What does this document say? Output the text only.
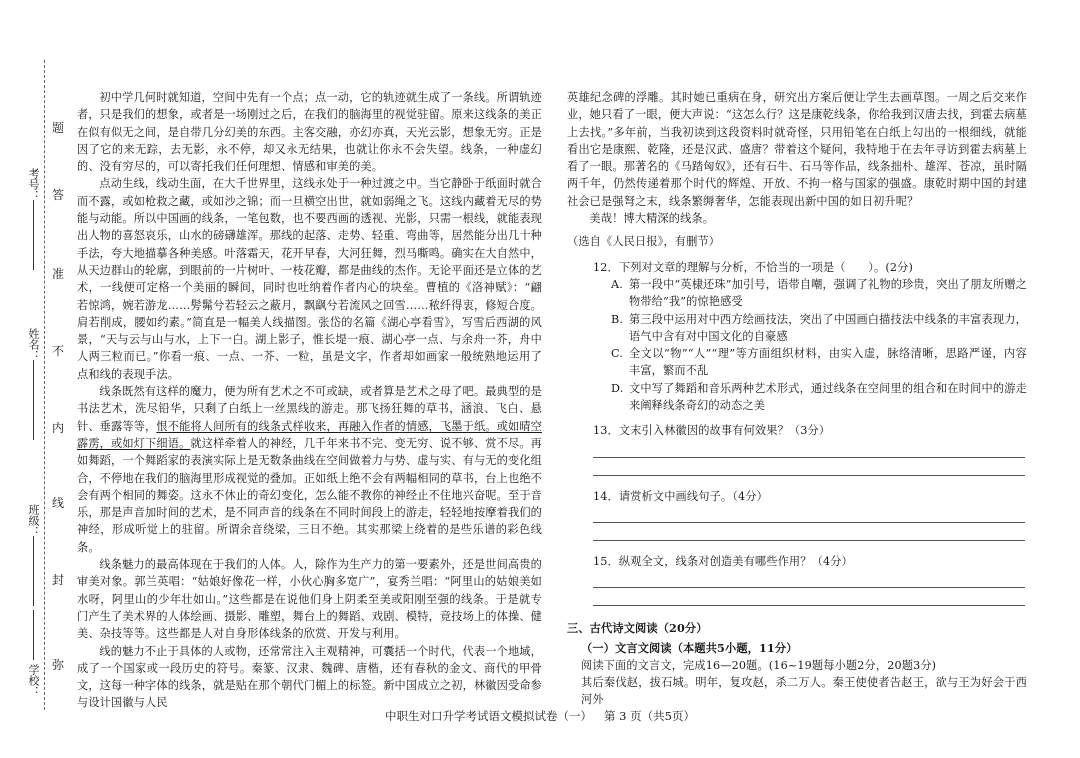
考号：
姓名：
班级：
学校：
题
答
准
不
内
线
封
弥

初中学几何时就知道，空间中先有一个点；点一动，它的轨迹就生成了一条线。所谓轨迹者，只是我们的想象，或者是一场刚过之后，在我们的脑海里的视觉驻留。原来这线条的美正在似有似无之间，是自带几分幻美的东西。主客交融，亦幻亦真，天光云影，想象无穷。正是因了它的来无踪，去无影，永不停，却又永无结果，也就让你永不会失望。线条，一种虚幻的、没有穷尽的，可以寄托我们任何理想、情感和审美的美。

点动生线，线动生面，在大千世界里，这线永处于一种过渡之中。当它静卧于纸面时就合而不露，或如枪救之藏，或如沙之锦；而一旦横空出世，就如弱绳之飞。这线内藏着无尽的势能与动能。所以中国画的线条，一笔包数，也不要西画的透视、光影，只需一根线，就能表现出人物的喜怒哀乐，山水的磅礴雄浑。那线的起落、走势、轻重、弯曲等，居然能分出几十种手法，夸大地描摹各种美感。叶落霜天，花开早春，大河狂舞，烈马嘶鸣。确实在大自然中，从天边群山的轮廓，到眼前的一片树叶、一枝花瓣，都是曲线的杰作。无论平面还是立体的艺术，一线便可定格一个美丽的瞬间，同时也吐纳着作者内心的块垒。曹植的《洛神赋》：“翩若惊鸿，婉若游龙……髣髴兮若轻云之蔽月，飘飖兮若流风之回雪……秾纤得衷，修短合度。肩若削成，腰如约素。”简直是一幅美人线描图。张岱的名篇《湖心亭看雪》，写雪后西湖的风景，“天与云与山与水，上下一白。湖上影子，惟长堤一痕、湖心亭一点、与余舟一芥，舟中人两三粒而已。”你看一痕、一点、一芥、一粒，虽是文字，作者却如画家一般统熟地运用了点和线的表现手法。

线条既然有这样的魔力，便为所有艺术之不可或缺，或者算是艺术之母了吧。最典型的是书法艺术，洗尽铅华，只剩了白纸上一丝黑线的游走。那飞扬狂舞的草书，涵浪、飞白、悬针、垂露等等，恨不能将人间所有的线条式样收来，再融入作者的情感，飞墨于纸。或如晴空霹雳，或如灯下细语。就这样牵着人的神经，几千年来书不完、变无穷、说不够、赏不尽。再如舞蹈，一个舞蹈家的表演实际上是无数条曲线在空间做着力与势、虚与实、有与无的变化组合，不停地在我们的脑海里形成视觉的叠加。正如纸上绝不会有两幅相同的草书，台上也绝不会有两个相同的舞姿。这永不休止的奇幻变化，怎么能不教你的神经止不住地兴奋呢。至于音乐，那是声音加时间的艺术，是不同声音的线条在不同时间段上的游走，轻轻地按摩着我们的神经，形成听觉上的驻留。所谓余音绕梁，三日不绝。其实那梁上绕着的是些乐谱的彩色线条。

线条魅力的最高体现在于我们的人体。人，除作为生产力的第一要素外，还是世间高贵的审美对象。郭兰英唱：“姑娘好像花一样，小伙心胸多宽广”，宴秀兰唱：“阿里山的姑娘美如水呀，阿里山的少年壮如山。”这些都是在说他们身上阴柔至美或阳刚至强的线条。于是就专门产生了美术界的人体绘画、摄影、雕塑，舞台上的舞蹈、戏剧、模特，竞技场上的体操、健美、杂技等等。这些都是人对自身形体线条的欣赏、开发与利用。

线的魅力不止于具体的人或物，还常常注入主观精神，可囊括一个时代，代表一个地域，成了一个国家或一段历史的符号。秦篆、汉隶、魏碑、唐楷，还有春秋的金文、商代的甲骨文，这每一种字体的线条，就是贴在那个朝代门楣上的标签。新中国成立之初，林徽因受命参与设计国徽与人民

英雄纪念碑的浮雕。其时她已重病在身，研究出方案后便让学生去画草图。一周之后交来作业，她只看了一眼，便大声说：“这怎么行？这是康乾线条，你给我到汉唐去找，到霍去病墓上去找。”多年前，当我初读到这段资料时就奇怪，只用铅笔在白纸上勾出的一根细线，就能看出它是康熙、乾隆，还是汉武、盛唐？带着这个疑问，我特地于在去年寻访到霍去病墓上看了一眼。那著名的《马踏匈奴》，还有石牛、石马等作品，线条拙朴、雄浑、苍凉，虽时隔两千年，仍然传递着那个时代的辉煌、开放、不拘一格与国家的强盛。康乾时期中国的封建社会已是强弩之末，线条繁缛奢华，怎能表现出新中国的如日初升呢？

美哉！博大精深的线条。

（选自《人民日报》，有删节）

12．下列对文章的理解与分析，不恰当的一项是（　　）。(2分)

A. 第一段中“英棣还珠”加引号，语带自嘲，强调了礼物的珍贵，突出了朋友所赠之物带给“我”的惊艳感受

B. 第三段中运用对中西方绘画技法，突出了中国画白描技法中线条的丰富表现力，语气中含有对中国文化的自豪感

C. 全文以“物”“人”“理”等方面组织材料，由实入虚，脉络清晰，思路严谨，内容丰富，繁而不乱

D. 文中写了舞蹈和音乐两种艺术形式，通过线条在空间里的组合和在时间中的游走来阐释线条奇幻的动态之美

13．文末引入林徽因的故事有何效果？（3分）

14．请赏析文中画线句子。（4分）

15．纵观全文，线条对创造美有哪些作用？（4分）

三、古代诗文阅读（20分）

（一）文言文阅读（本题共5小题，11分）

阅读下面的文言文，完成16—20题。(16~19题每小题2分，20题3分)

其后秦伐赵，拔石城。明年，复攻赵，杀二万人。秦王使使者告赵王，欲与王为好会于西河外

中职生对口升学考试语文模拟试卷（一） 第 3 页（共5页）
